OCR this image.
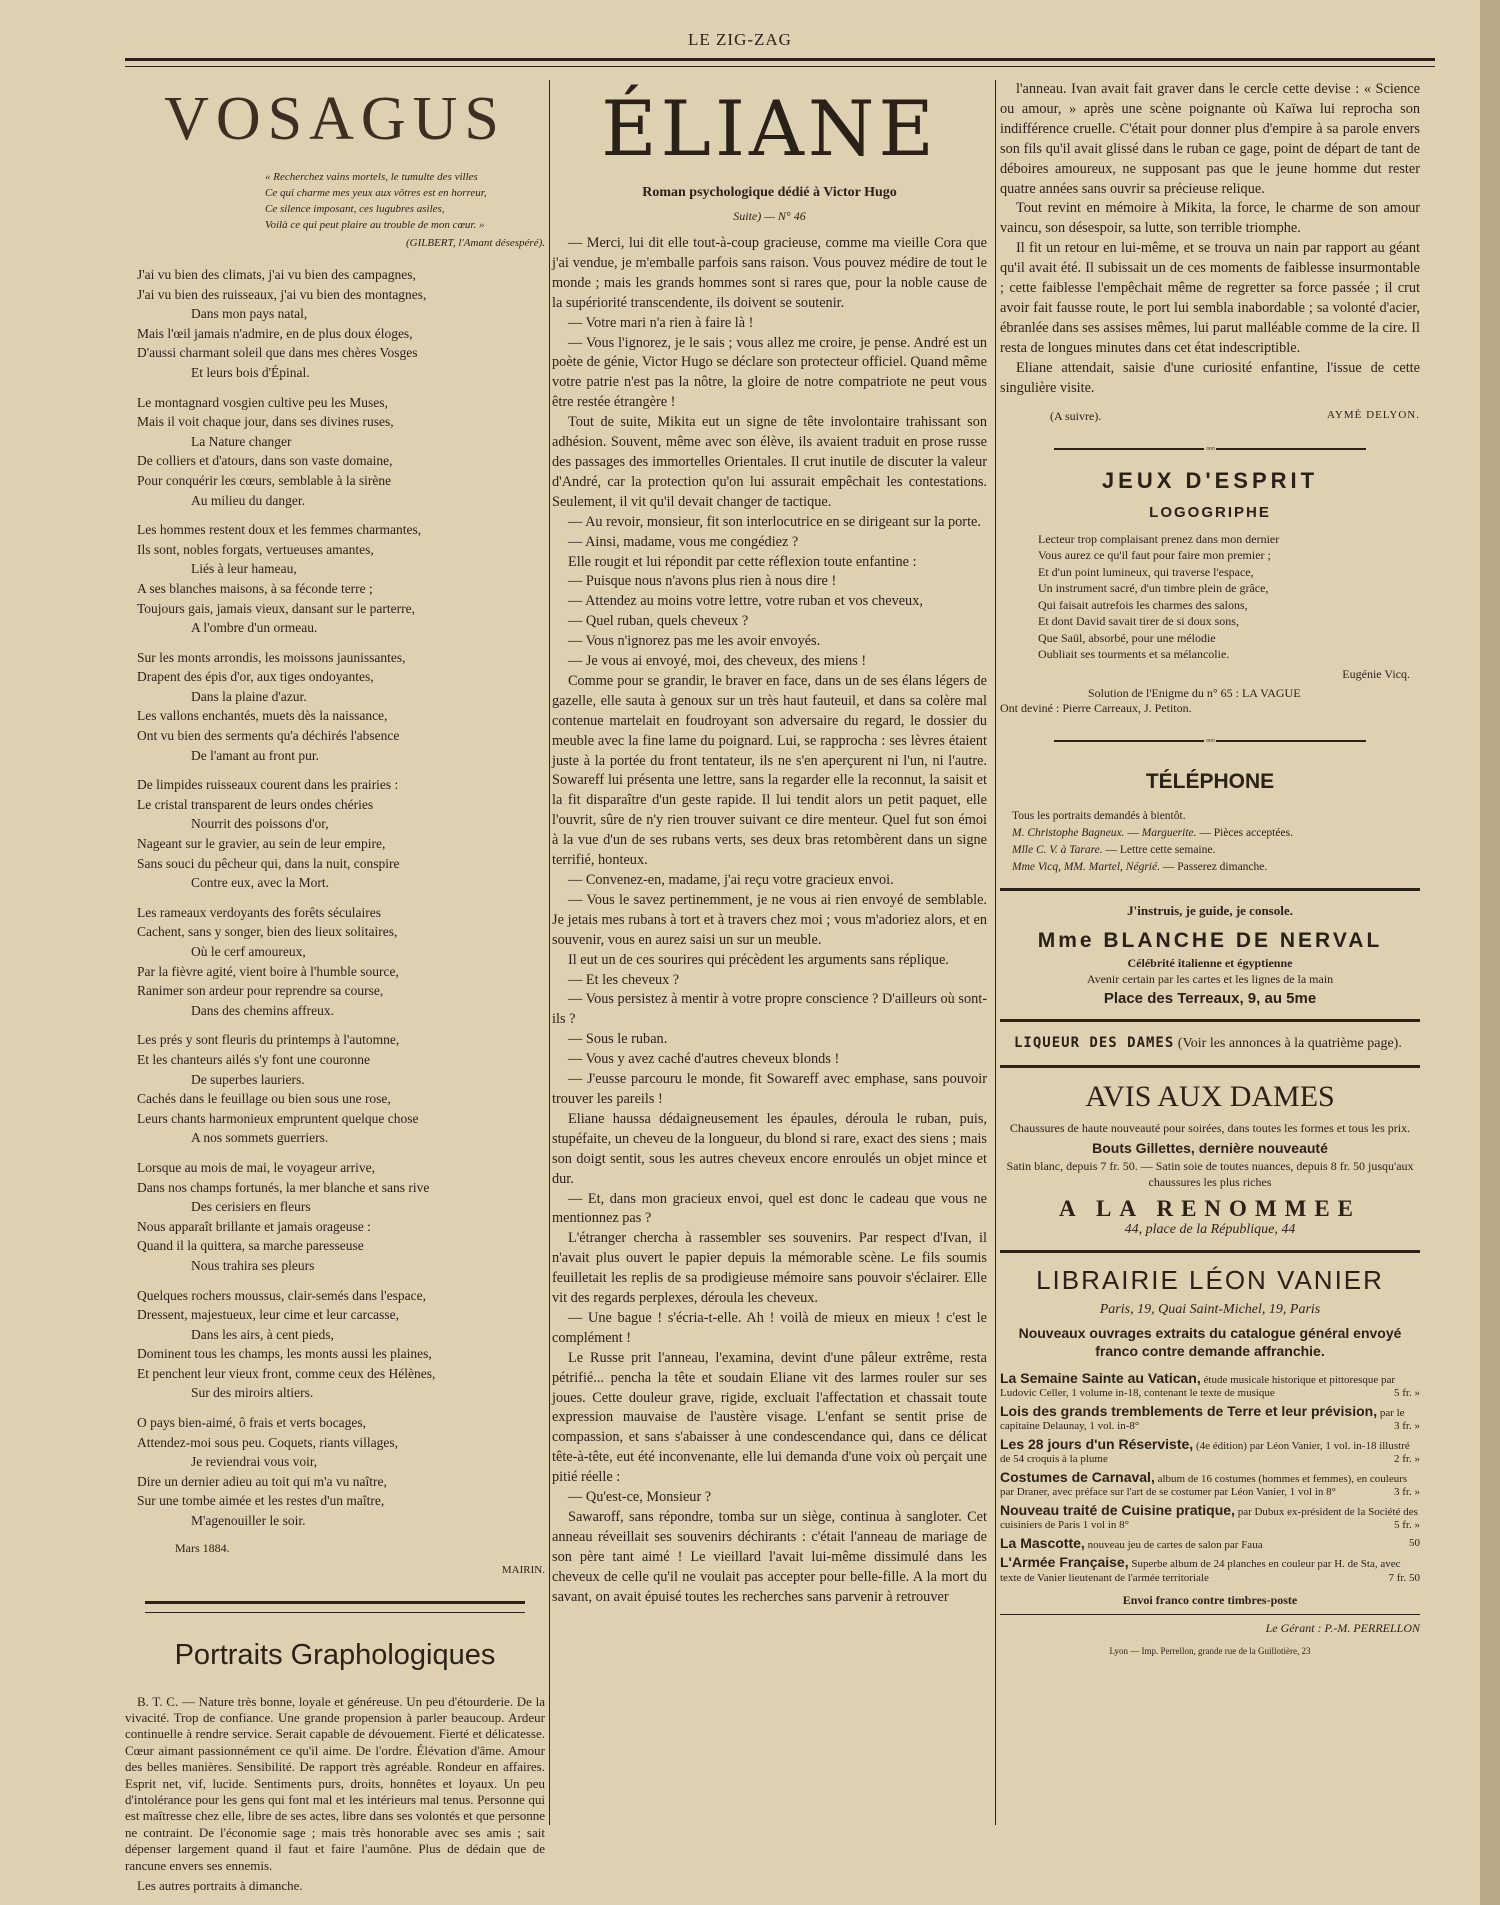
LE ZIG-ZAG
VOSAGUS
« Recherchez vains mortels, le tumulte des villes
Ce qui charme mes yeux aux vôtres est en horreur,
Ce silence imposant, ces lugubres asiles,
Voilà ce qui peut plaire au trouble de mon cœur. »
(GILBERT, l'Amant désespéré).
J'ai vu bien des climats, j'ai vu bien des campagnes,
J'ai vu bien des ruisseaux, j'ai vu bien des montagnes,
Dans mon pays natal,
Mais l'œil jamais n'admire, en de plus doux éloges,
D'aussi charmant soleil que dans mes chères Vosges
Et leurs bois d'Épinal.
Le montagnard vosgien cultive peu les Muses,
Mais il voit chaque jour, dans ses divines ruses,
La Nature changer
De colliers et d'atours, dans son vaste domaine,
Pour conquérir les cœurs, semblable à la sirène
Au milieu du danger.
Les hommes restent doux et les femmes charmantes,
Ils sont, nobles forgats, vertueuses amantes,
Liés à leur hameau,
A ses blanches maisons, à sa féconde terre ;
Toujours gais, jamais vieux, dansant sur le parterre,
A l'ombre d'un ormeau.
Sur les monts arrondis, les moissons jaunissantes,
Drapent des épis d'or, aux tiges ondoyantes,
Dans la plaine d'azur.
Les vallons enchantés, muets dès la naissance,
Ont vu bien des serments qu'a déchirés l'absence
De l'amant au front pur.
De limpides ruisseaux courent dans les prairies :
Le cristal transparent de leurs ondes chéries
Nourrit des poissons d'or,
Nageant sur le gravier, au sein de leur empire,
Sans souci du pêcheur qui, dans la nuit, conspire
Contre eux, avec la Mort.
Les rameaux verdoyants des forêts séculaires
Cachent, sans y songer, bien des lieux solitaires,
Où le cerf amoureux,
Par la fièvre agité, vient boire à l'humble source,
Ranimer son ardeur pour reprendre sa course,
Dans des chemins affreux.
Les prés y sont fleuris du printemps à l'automne,
Et les chanteurs ailés s'y font une couronne
De superbes lauriers.
Cachés dans le feuillage ou bien sous une rose,
Leurs chants harmonieux empruntent quelque chose
A nos sommets guerriers.
Lorsque au mois de mai, le voyageur arrive,
Dans nos champs fortunés, la mer blanche et sans rive
Des cerisiers en fleurs
Nous apparaît brillante et jamais orageuse :
Quand il la quittera, sa marche paresseuse
Nous trahira ses pleurs
Quelques rochers moussus, clair-semés dans l'espace,
Dressent, majestueux, leur cime et leur carcasse,
Dans les airs, à cent pieds,
Dominent tous les champs, les monts aussi les plaines,
Et penchent leur vieux front, comme ceux des Hélènes,
Sur des miroirs altiers.
O pays bien-aimé, ô frais et verts bocages,
Attendez-moi sous peu. Coquets, riants villages,
Je reviendrai vous voir,
Dire un dernier adieu au toit qui m'a vu naître,
Sur une tombe aimée et les restes d'un maître,
M'agenouiller le soir.
Mars 1884.
MAIRIN.
Portraits Graphologiques
B. T. C. — Nature très bonne, loyale et généreuse. Un peu d'étourderie. De la vivacité. Trop de confiance. Une grande propension à parler beaucoup. Ardeur continuelle à rendre service. Serait capable de dévouement. Fierté et délicatesse. Cœur aimant passionnément ce qu'il aime. De l'ordre. Élévation d'âme. Amour des belles manières. Sensibilité. De rapport très agréable. Rondeur en affaires. Esprit net, vif, lucide. Sentiments purs, droits, honnêtes et loyaux. Un peu d'intolérance pour les gens qui font mal et les intérieurs mal tenus. Personne qui est maîtresse chez elle, libre de ses actes, libre dans ses volontés et que personne ne contraint. De l'économie sage ; mais très honorable avec ses amis ; sait dépenser largement quand il faut et faire l'aumône. Plus de dédain que de rancune envers ses ennemis.
Les autres portraits à dimanche.
ÉLIANE
Roman psychologique dédié à Victor Hugo
Suite) — N° 46

— Merci, lui dit elle tout-à-coup gracieuse, comme ma vieille Cora que j'ai vendue, je m'emballe parfois sans raison. Vous pouvez médire de tout le monde ; mais les grands hommes sont si rares que, pour la noble cause de la supériorité transcendente, ils doivent se soutenir.

— Votre mari n'a rien à faire là !

— Vous l'ignorez, je le sais ; vous allez me croire, je pense. André est un poète de génie, Victor Hugo se déclare son protecteur officiel. Quand même votre patrie n'est pas la nôtre, la gloire de notre compatriote ne peut vous être restée étrangère !

Tout de suite, Mikita eut un signe de tête involontaire trahissant son adhésion. Souvent, même avec son élève, ils avaient traduit en prose russe des passages des immortelles Orientales. Il crut inutile de discuter la valeur d'André, car la protection qu'on lui assurait empêchait les contestations. Seulement, il vit qu'il devait changer de tactique.

— Au revoir, monsieur, fit son interlocutrice en se dirigeant sur la porte.

— Ainsi, madame, vous me congédiez ?

Elle rougit et lui répondit par cette réflexion toute enfantine :

— Puisque nous n'avons plus rien à nous dire !

— Attendez au moins votre lettre, votre ruban et vos cheveux,

— Quel ruban, quels cheveux ?

— Vous n'ignorez pas me les avoir envoyés.

— Je vous ai envoyé, moi, des cheveux, des miens !

Comme pour se grandir, le braver en face, dans un de ses élans légers de gazelle, elle sauta à genoux sur un très haut fauteuil, et dans sa colère mal contenue martelait en foudroyant son adversaire du regard, le dossier du meuble avec la fine lame du poignard. Lui, se rapprocha : ses lèvres étaient juste à la portée du front tentateur, ils ne s'en aperçurent ni l'un, ni l'autre. Sowareff lui présenta une lettre, sans la regarder elle la reconnut, la saisit et la fit disparaître d'un geste rapide. Il lui tendit alors un petit paquet, elle l'ouvrit, sûre de n'y rien trouver suivant ce dire menteur. Quel fut son émoi à la vue d'un de ses rubans verts, ses deux bras retombèrent dans un signe terrifié, honteux.

— Convenez-en, madame, j'ai reçu votre gracieux envoi.

— Vous le savez pertinemment, je ne vous ai rien envoyé de semblable. Je jetais mes rubans à tort et à travers chez moi ; vous m'adoriez alors, et en souvenir, vous en aurez saisi un sur un meuble.

Il eut un de ces sourires qui précèdent les arguments sans réplique.

— Et les cheveux ?

— Vous persistez à mentir à votre propre conscience ? D'ailleurs où sont-ils ?

— Sous le ruban.

— Vous y avez caché d'autres cheveux blonds !

— J'eusse parcouru le monde, fit Sowareff avec emphase, sans pouvoir trouver les pareils !

Eliane haussa dédaigneusement les épaules, déroula le ruban, puis, stupéfaite, un cheveu de la longueur, du blond si rare, exact des siens ; mais son doigt sentit, sous les autres cheveux encore enroulés un objet mince et dur.

— Et, dans mon gracieux envoi, quel est donc le cadeau que vous ne mentionnez pas ?

L'étranger chercha à rassembler ses souvenirs. Par respect d'Ivan, il n'avait plus ouvert le papier depuis la mémorable scène. Le fils soumis feuilletait les replis de sa prodigieuse mémoire sans pouvoir s'éclairer. Elle vit des regards perplexes, déroula les cheveux.

— Une bague ! s'écria-t-elle. Ah ! voilà de mieux en mieux ! c'est le complément !

Le Russe prit l'anneau, l'examina, devint d'une pâleur extrême, resta pétrifié... pencha la tête et soudain Eliane vit des larmes rouler sur ses joues. Cette douleur grave, rigide, excluait l'affectation et chassait toute expression mauvaise de l'austère visage. L'enfant se sentit prise de compassion, et sans s'abaisser à une condescendance qui, dans ce délicat tête-à-tête, eut été inconvenante, elle lui demanda d'une voix où perçait une pitié réelle :

— Qu'est-ce, Monsieur ?

Sawaroff, sans répondre, tomba sur un siège, continua à sangloter. Cet anneau réveillait ses souvenirs déchirants : c'était l'anneau de mariage de son père tant aimé ! Le vieillard l'avait lui-même dissimulé dans les cheveux de celle qu'il ne voulait pas accepter pour belle-fille. A la mort du savant, on avait épuisé toutes les recherches sans parvenir à retrouver

l'anneau. Ivan avait fait graver dans le cercle cette devise : « Science ou amour, » après une scène poignante où Kaïwa lui reprocha son indifférence cruelle. C'était pour donner plus d'empire à sa parole envers son fils qu'il avait glissé dans le ruban ce gage, point de départ de tant de déboires amoureux, ne supposant pas que le jeune homme dut rester quatre années sans ouvrir sa précieuse relique.

Tout revint en mémoire à Mikita, la force, le charme de son amour vaincu, son désespoir, sa lutte, son terrible triomphe.

Il fit un retour en lui-même, et se trouva un nain par rapport au géant qu'il avait été. Il subissait un de ces moments de faiblesse insurmontable ; cette faiblesse l'empêchait même de regretter sa force passée ; il crut avoir fait fausse route, le port lui sembla inabordable ; sa volonté d'acier, ébranlée dans ses assises mêmes, lui parut malléable comme de la cire. Il resta de longues minutes dans cet état indescriptible.

Eliane attendait, saisie d'une curiosité enfantine, l'issue de cette singulière visite.

(A suivre).	AYMÉ DELYON.
◦◦◦
JEUX D'ESPRIT
LOGOGRIPHE
Lecteur trop complaisant prenez dans mon dernier
Vous aurez ce qu'il faut pour faire mon premier ;
Et d'un point lumineux, qui traverse l'espace,
Un instrument sacré, d'un timbre plein de grâce,
Qui faisait autrefois les charmes des salons,
Et dont David savait tirer de si doux sons,
Que Saül, absorbé, pour une mélodie
Oubliait ses tourments et sa mélancolie.
Eugénie Vicq.
Solution de l'Enigme du n° 65 : LA VAGUE
Ont deviné : Pierre Carreaux, J. Petiton.
◦◦◦
TÉLÉPHONE
Tous les portraits demandés à bientôt.
M. Christophe Bagneux. — Marguerite. — Pièces acceptées.
Mlle C. V. à Tarare. — Lettre cette semaine.
Mme Vicq, MM. Martel, Négrié. — Passerez dimanche.
J'instruis, je guide, je console.
Mme BLANCHE DE NERVAL
Célébrité italienne et égyptienne
Avenir certain par les cartes et les lignes de la main
Place des Terreaux, 9, au 5me
LIQUEUR DES DAMES (Voir les annonces à la quatrième page).
AVIS AUX DAMES
Chaussures de haute nouveauté pour soirées, dans toutes les formes et tous les prix.
Bouts Gillettes, dernière nouveauté
Satin blanc, depuis 7 fr. 50. — Satin soie de toutes nuances, depuis 8 fr. 50 jusqu'aux chaussures les plus riches
A LA RENOMMEE
44, place de la République, 44
LIBRAIRIE LÉON VANIER
Paris, 19, Quai Saint-Michel, 19, Paris
Nouveaux ouvrages extraits du catalogue général envoyé franco contre demande affranchie.
La Semaine Sainte au Vatican, étude musicale historique et pittoresque par Ludovic Celler, 1 volume in-18, contenant le texte de musique	5 fr. »
Lois des grands tremblements de Terre et leur prévision, par le capitaine Delaunay, 1 vol. in-8°	3 fr. »
Les 28 jours d'un Réserviste, (4e édition) par Léon Vanier, 1 vol. in-18 illustré de 54 croquis à la plume	2 fr. »
Costumes de Carnaval, album de 16 costumes (hommes et femmes), en couleurs par Draner, avec préface sur l'art de se costumer par Léon Vanier, 1 vol in 8°	3 fr. »
Nouveau traité de Cuisine pratique, par Dubux ex-président de la Société des cuisiniers de Paris 1 vol in 8°	5 fr. »
La Mascotte, nouveau jeu de cartes de salon par Faua	50
L'Armée Française, Superbe album de 24 planches en couleur par H. de Sta, avec texte de Vanier lieutenant de l'armée territoriale	7 fr. 50
Envoi franco contre timbres-poste
Le Gérant : P.-M. PERRELLON
Lyon — Imp. Perrellon, grande rue de la Guillotière, 23
